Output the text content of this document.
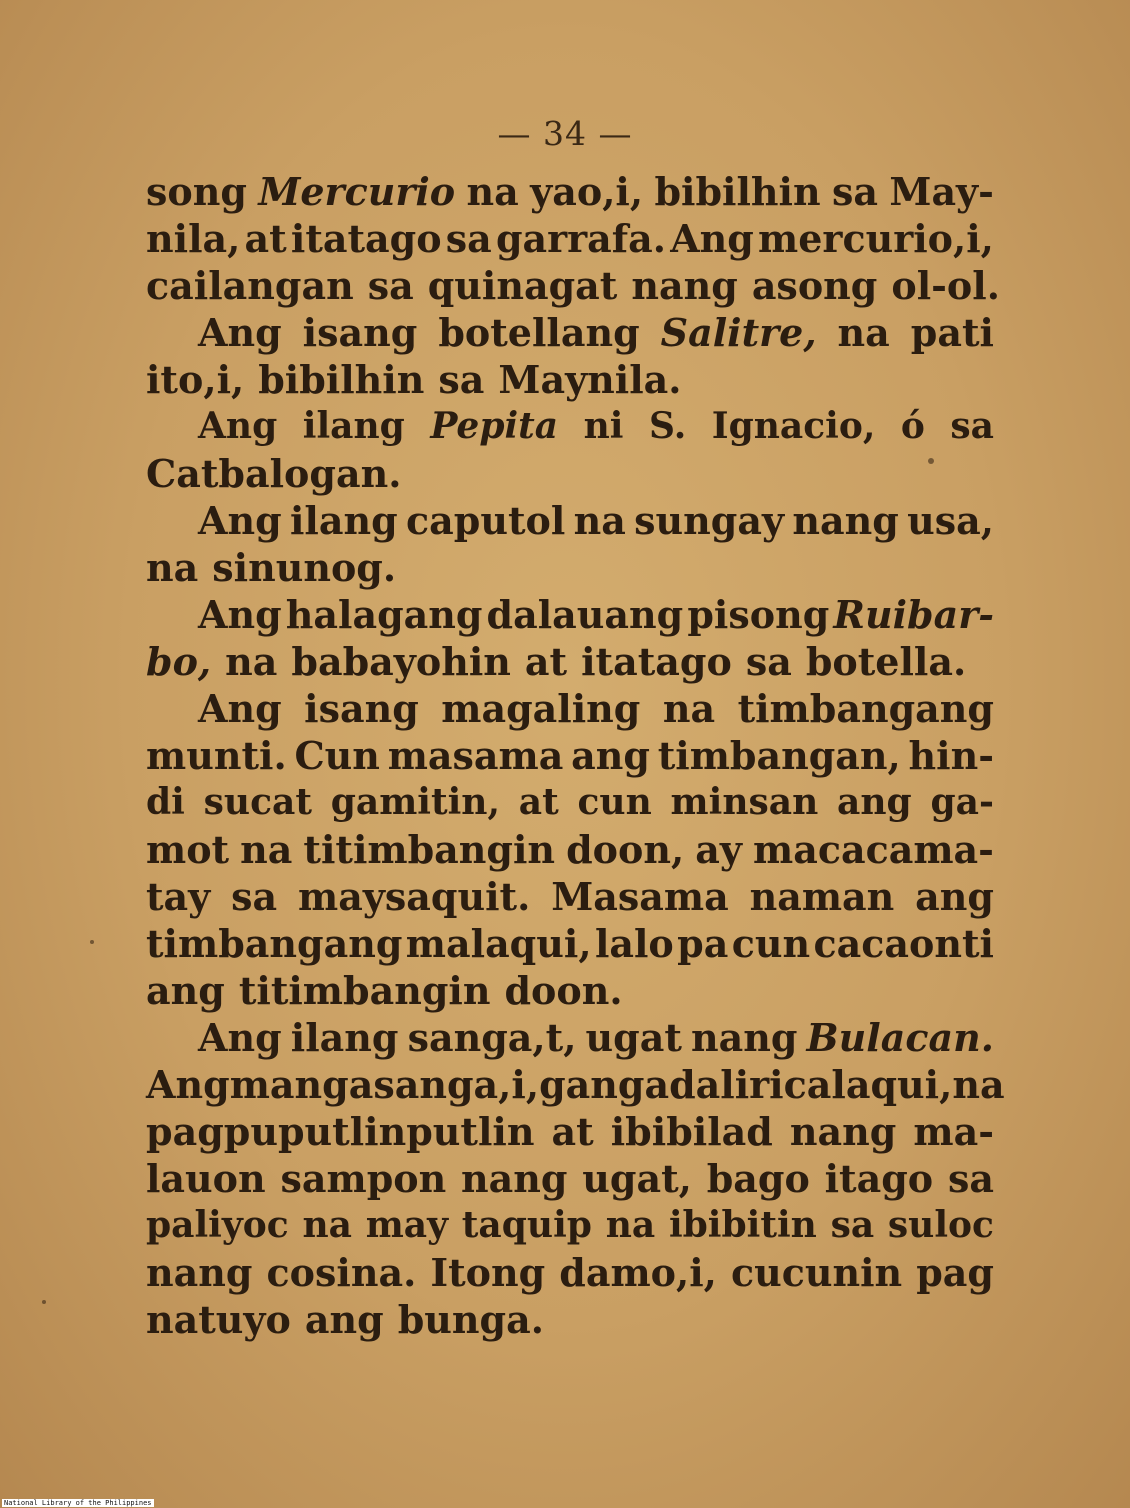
— 34 —
song Mercurio na yao,i, bibilhin sa May-
nila, at itatago sa garrafa. Ang mercurio,i,
cailangan sa quinagat nang asong ol-ol.
Ang isang botellang Salitre, na pati
ito,i, bibilhin sa Maynila.
Ang ilang Pepita ni S. Ignacio, ó sa
Catbalogan.
Ang ilang caputol na sungay nang usa,
na sinunog.
Ang halagang dalauang pisong Ruibar-
bo, na babayohin at itatago sa botella.
Ang isang magaling na timbangang
munti. Cun masama ang timbangan, hin-
di sucat gamitin, at cun minsan ang ga-
mot na titimbangin doon, ay macacama-
tay sa maysaquit. Masama naman ang
timbangang malaqui, lalo pa cun cacaonti
ang titimbangin doon.
Ang ilang sanga,t, ugat nang Bulacan.
Ang manga sanga,i, gangadaliri calaqui, na
pagpuputlinputlin at ibibilad nang ma-
lauon sampon nang ugat, bago itago sa
paliyoc na may taquip na ibibitin sa suloc
nang cosina. Itong damo,i, cucunin pag
natuyo ang bunga.
National Library of the Philippines
